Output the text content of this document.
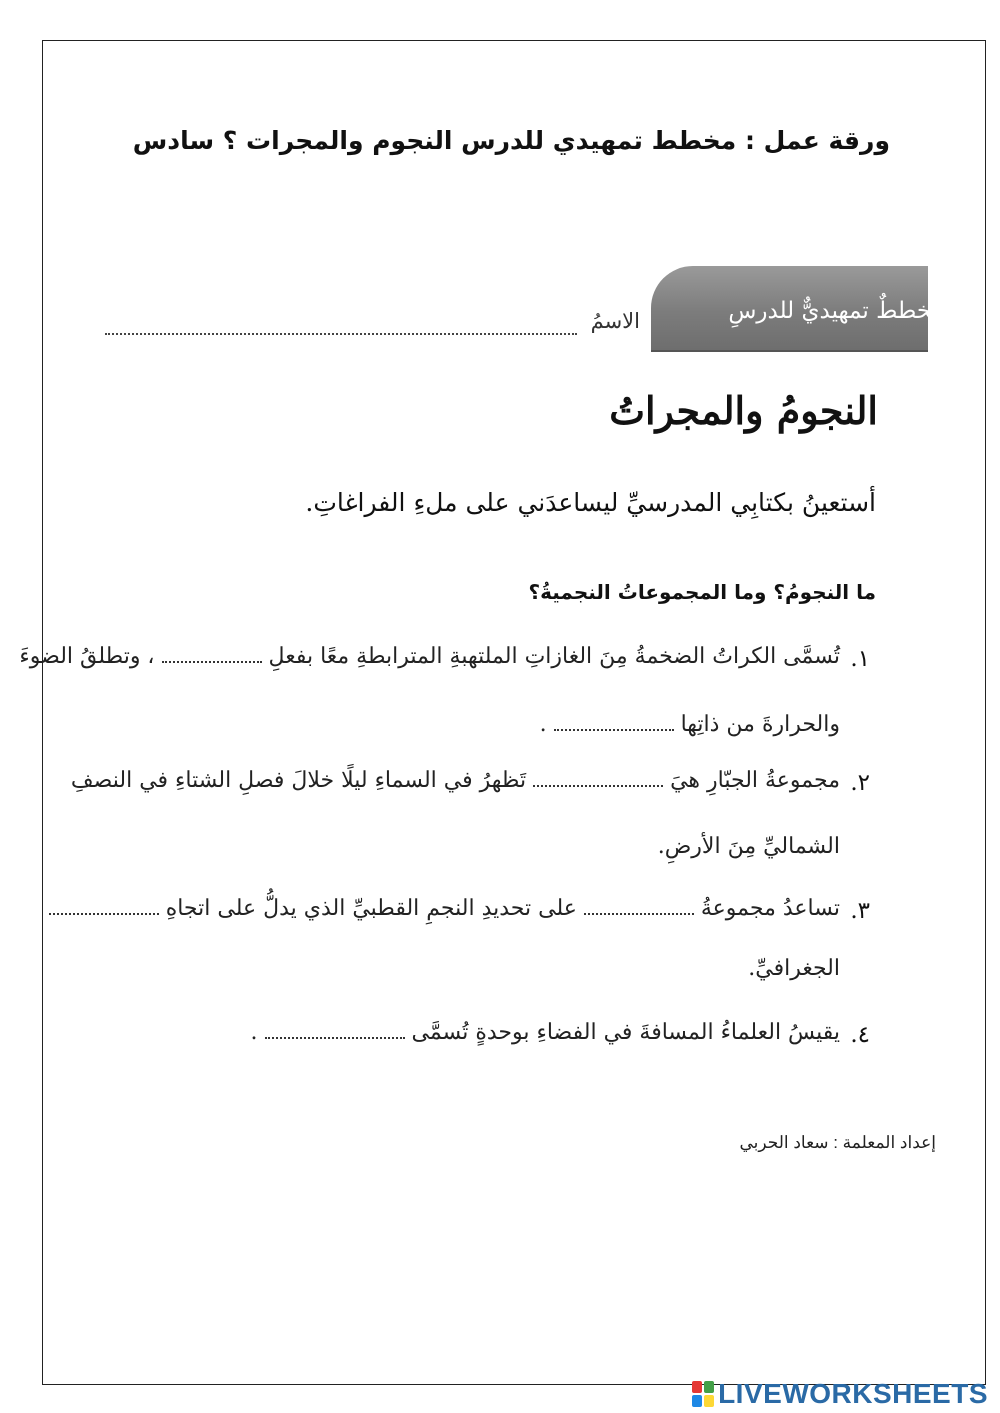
ورقة عمل : مخطط تمهيدي للدرس النجوم والمجرات ؟ سادس
مخططٌ تمهيديٌّ للدرسِ
الاسمُ
النجومُ والمجراتُ
أستعينُ بكتابِي المدرسيِّ ليساعدَني على ملءِ الفراغاتِ.
ما النجومُ؟ وما المجموعاتُ النجميةُ؟
١.
تُسمَّى الكراتُ الضخمةُ مِنَ الغازاتِ الملتهبةِ المترابطةِ معًا بفعلِ  ، وتطلقُ الضوءَ
والحرارةَ من ذاتِها  .
٢.
مجموعةُ الجبّارِ هيَ  تَظهرُ في السماءِ ليلًا خلالَ فصلِ الشتاءِ في النصفِ
الشماليِّ مِنَ الأرضِ.
٣.
تساعدُ مجموعةُ  على تحديدِ النجمِ القطبيِّ الذي يدلُّ على اتجاهِ
الجغرافيِّ.
٤.
يقيسُ العلماءُ المسافةَ في الفضاءِ بوحدةٍ تُسمَّى  .
إعداد المعلمة : سعاد الحربي
LIVEWORKSHEETS
